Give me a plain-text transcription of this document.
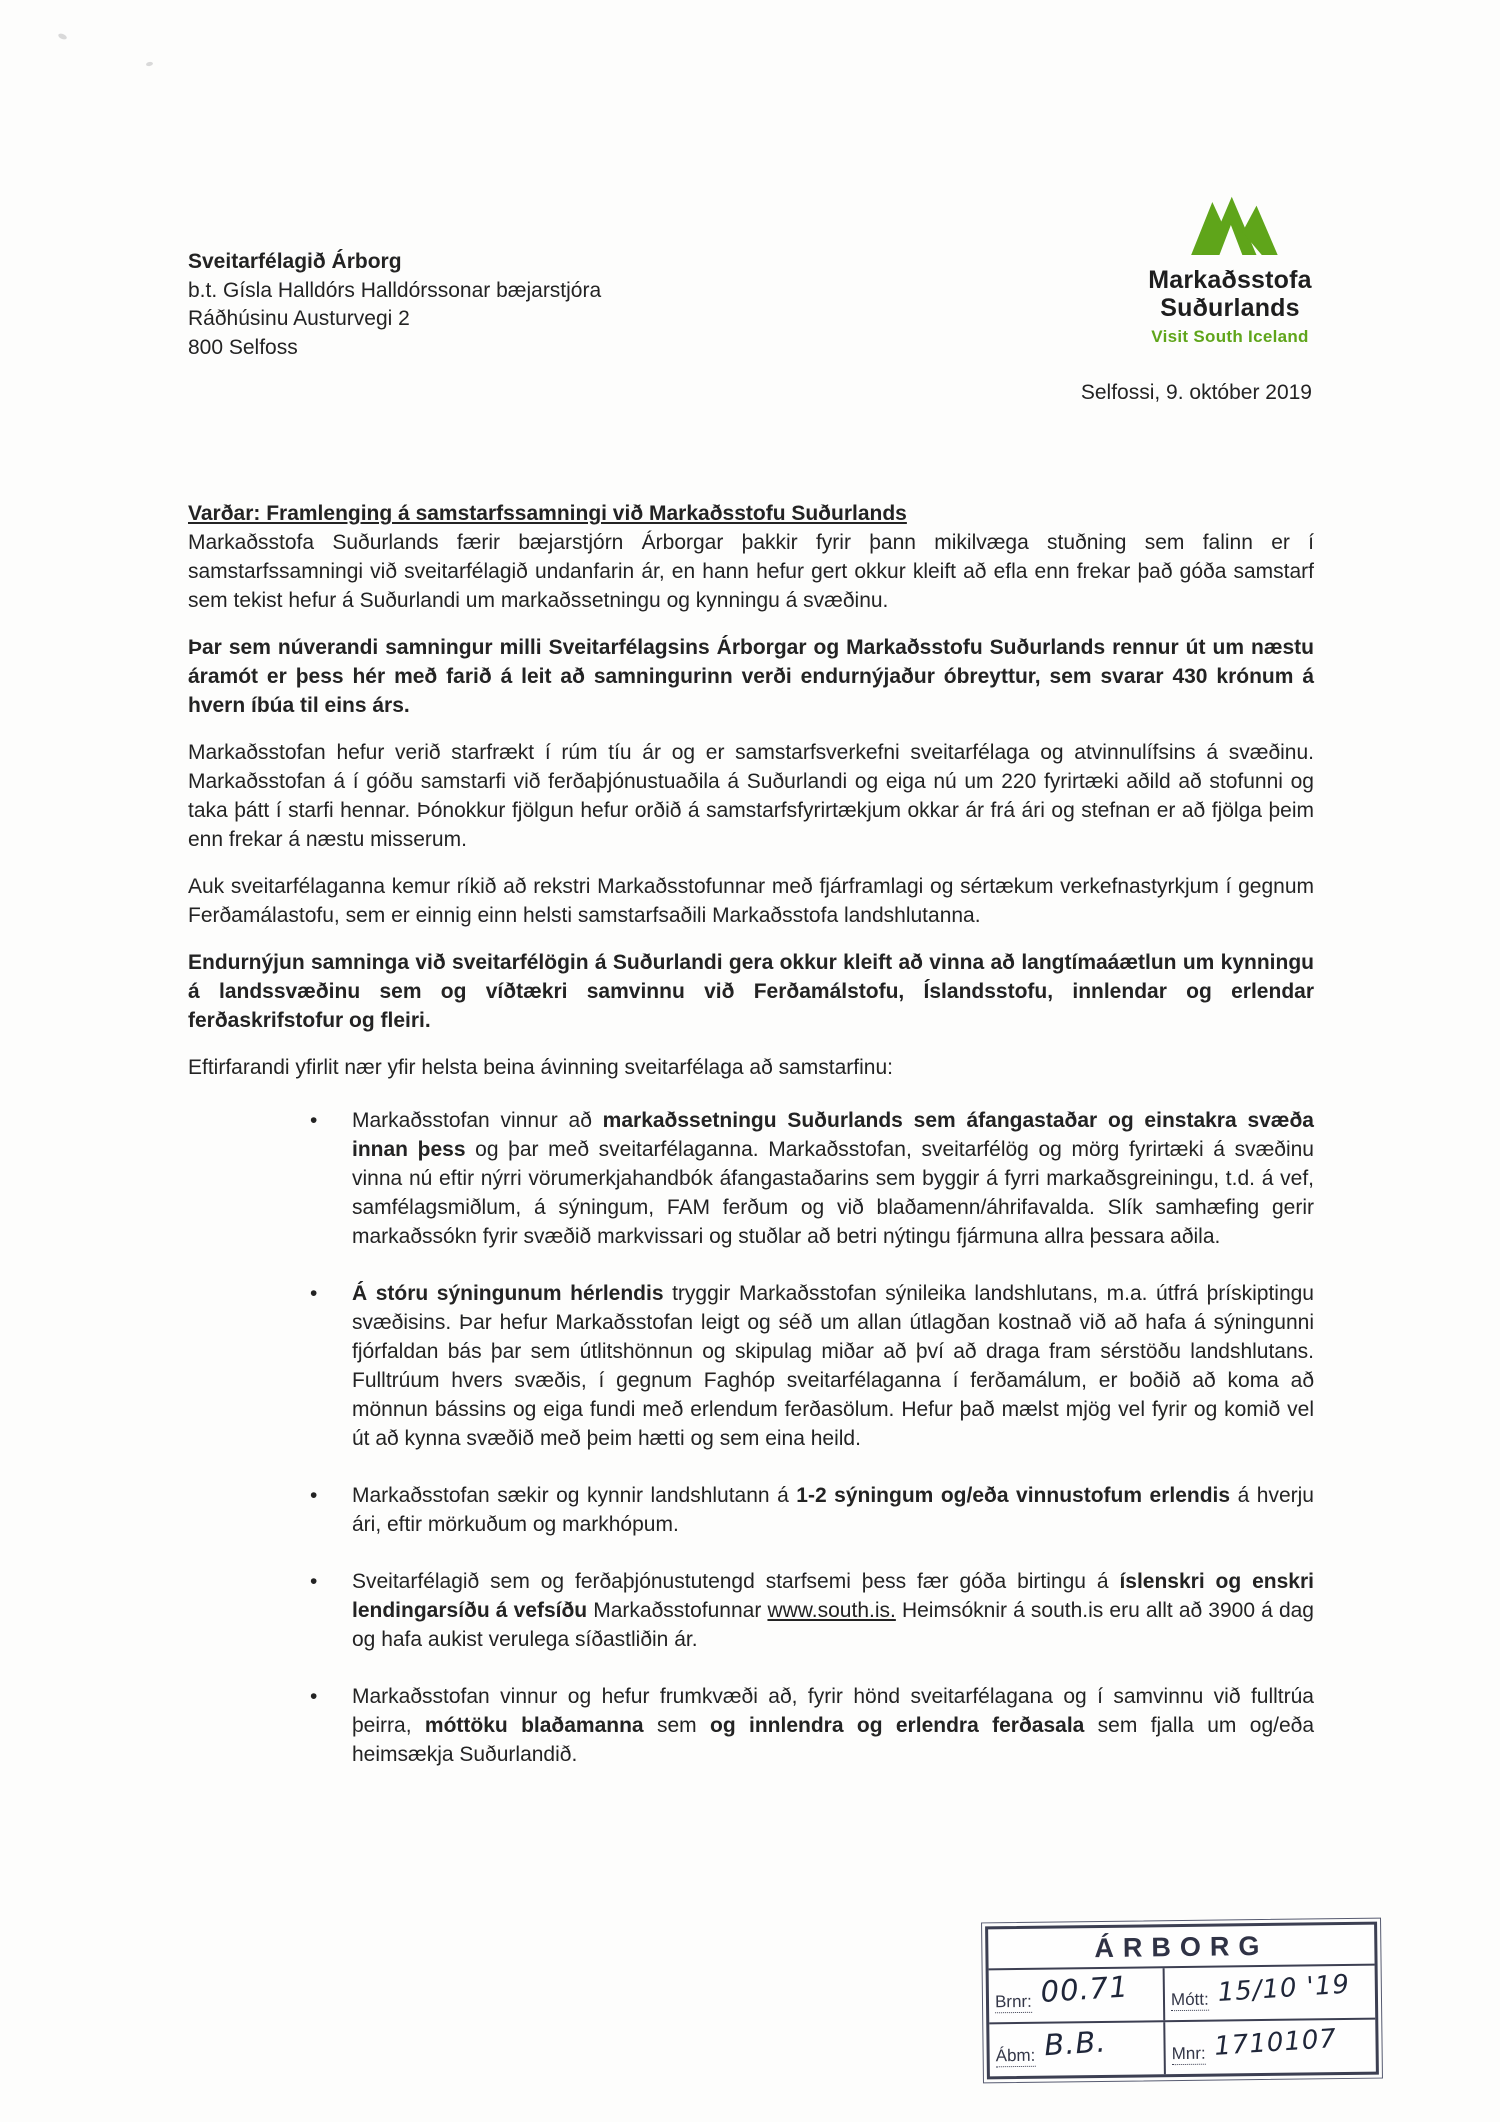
Sveitarfélagið Árborg
b.t. Gísla Halldórs Halldórssonar bæjarstjóra
Ráðhúsinu Austurvegi 2
800 Selfoss
Markaðsstofa
Suðurlands
Visit South Iceland
Selfossi, 9. október 2019
Varðar: Framlenging á samstarfssamningi við Markaðsstofu Suðurlands

Markaðsstofa Suðurlands færir bæjarstjórn Árborgar þakkir fyrir þann mikilvæga stuðning sem falinn er í samstarfssamningi við sveitarfélagið undanfarin ár, en hann hefur gert okkur kleift að efla enn frekar það góða samstarf sem tekist hefur á Suðurlandi um markaðssetningu og kynningu á svæðinu.

Þar sem núverandi samningur milli Sveitarfélagsins Árborgar og Markaðsstofu Suðurlands rennur út um næstu áramót er þess hér með farið á leit að samningurinn verði endurnýjaður óbreyttur, sem svarar 430 krónum á hvern íbúa til eins árs.

Markaðsstofan hefur verið starfrækt í rúm tíu ár og er samstarfsverkefni sveitarfélaga og atvinnulífsins á svæðinu. Markaðsstofan á í góðu samstarfi við ferðaþjónustuaðila á Suðurlandi og eiga nú um 220 fyrirtæki aðild að stofunni og taka þátt í starfi hennar. Þónokkur fjölgun hefur orðið á samstarfsfyrirtækjum okkar ár frá ári og stefnan er að fjölga þeim enn frekar á næstu misserum.

Auk sveitarfélaganna kemur ríkið að rekstri Markaðsstofunnar með fjárframlagi og sértækum verkefnastyrkjum í gegnum Ferðamálastofu, sem er einnig einn helsti samstarfsaðili Markaðsstofa landshlutanna.

Endurnýjun samninga við sveitarfélögin á Suðurlandi gera okkur kleift að vinna að langtímaáætlun um kynningu á landssvæðinu sem og víðtækri samvinnu við Ferðamálstofu, Íslandsstofu, innlendar og erlendar ferðaskrifstofur og fleiri.

Eftirfarandi yfirlit nær yfir helsta beina ávinning sveitarfélaga að samstarfinu:

•	Markaðsstofan vinnur að markaðssetningu Suðurlands sem áfangastaðar og einstakra svæða innan þess og þar með sveitarfélaganna. Markaðsstofan, sveitarfélög og mörg fyrirtæki á svæðinu vinna nú eftir nýrri vörumerkjahandbók áfangastaðarins sem byggir á fyrri markaðsgreiningu, t.d. á vef, samfélagsmiðlum, á sýningum, FAM ferðum og við blaðamenn/áhrifavalda. Slík samhæfing gerir markaðssókn fyrir svæðið markvissari og stuðlar að betri nýtingu fjármuna allra þessara aðila.
•	Á stóru sýningunum hérlendis tryggir Markaðsstofan sýnileika landshlutans, m.a. útfrá þrískiptingu svæðisins. Þar hefur Markaðsstofan leigt og séð um allan útlagðan kostnað við að hafa á sýningunni fjórfaldan bás þar sem útlitshönnun og skipulag miðar að því að draga fram sérstöðu landshlutans. Fulltrúum hvers svæðis, í gegnum Faghóp sveitarfélaganna í ferðamálum, er boðið að koma að mönnun bássins og eiga fundi með erlendum ferðasölum. Hefur það mælst mjög vel fyrir og komið vel út að kynna svæðið með þeim hætti og sem eina heild.
•	Markaðsstofan sækir og kynnir landshlutann á 1-2 sýningum og/eða vinnustofum erlendis á hverju ári, eftir mörkuðum og markhópum.
•	Sveitarfélagið sem og ferðaþjónustutengd starfsemi þess fær góða birtingu á íslenskri og enskri lendingarsíðu á vefsíðu Markaðsstofunnar www.south.is. Heimsóknir á south.is eru allt að 3900 á dag og hafa aukist verulega síðastliðin ár.
•	Markaðsstofan vinnur og hefur frumkvæði að, fyrir hönd sveitarfélagana og í samvinnu við fulltrúa þeirra, móttöku blaðamanna sem og innlendra og erlendra ferðasala sem fjalla um og/eða heimsækja Suðurlandið.
ÁRBORG
Brnr: 00.71	Mótt: 15/10 '19
Ábm: B.B.	Mnr: 1710107
